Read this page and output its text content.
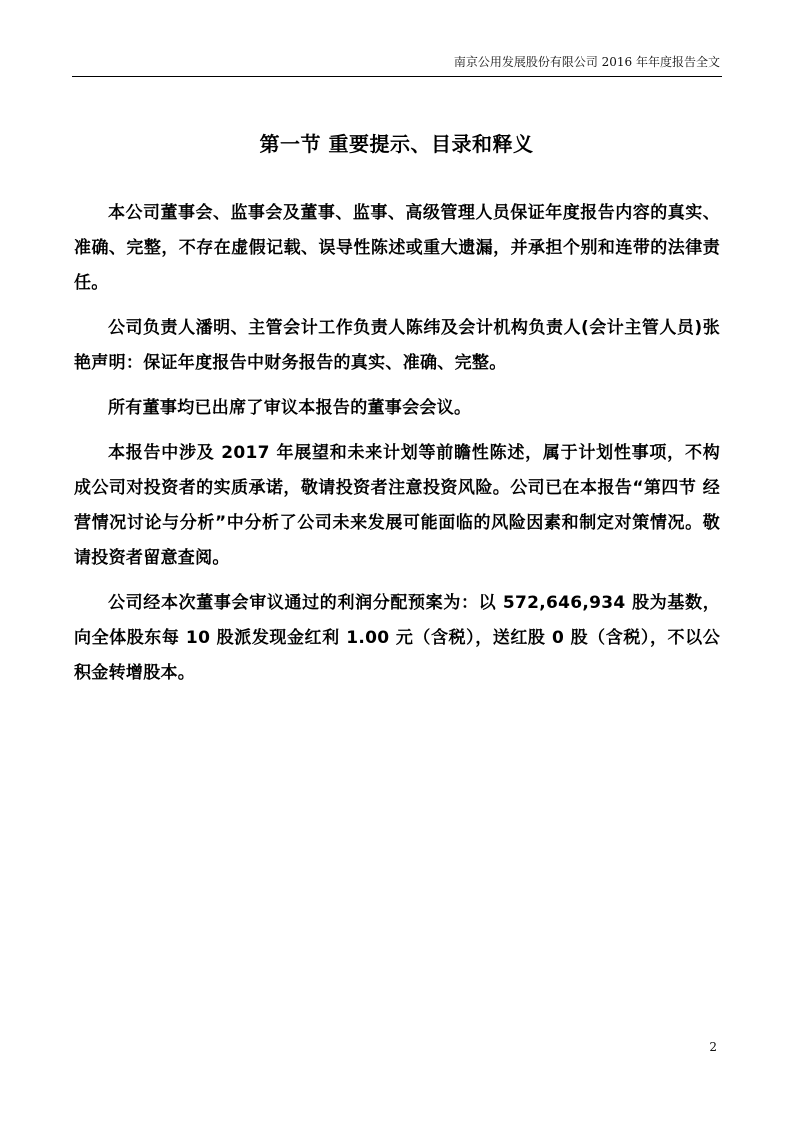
南京公用发展股份有限公司 2016 年年度报告全文
第一节 重要提示、目录和释义

本公司董事会、监事会及董事、监事、高级管理人员保证年度报告内容的真实、准确、完整，不存在虚假记载、误导性陈述或重大遗漏，并承担个别和连带的法律责任。

公司负责人潘明、主管会计工作负责人陈纬及会计机构负责人(会计主管人员)张艳声明：保证年度报告中财务报告的真实、准确、完整。

所有董事均已出席了审议本报告的董事会会议。

本报告中涉及 2017 年展望和未来计划等前瞻性陈述，属于计划性事项，不构成公司对投资者的实质承诺，敬请投资者注意投资风险。公司已在本报告“第四节 经营情况讨论与分析”中分析了公司未来发展可能面临的风险因素和制定对策情况。敬请投资者留意查阅。

公司经本次董事会审议通过的利润分配预案为：以 572,646,934 股为基数，向全体股东每 10 股派发现金红利 1.00 元（含税），送红股 0 股（含税），不以公积金转增股本。

2
